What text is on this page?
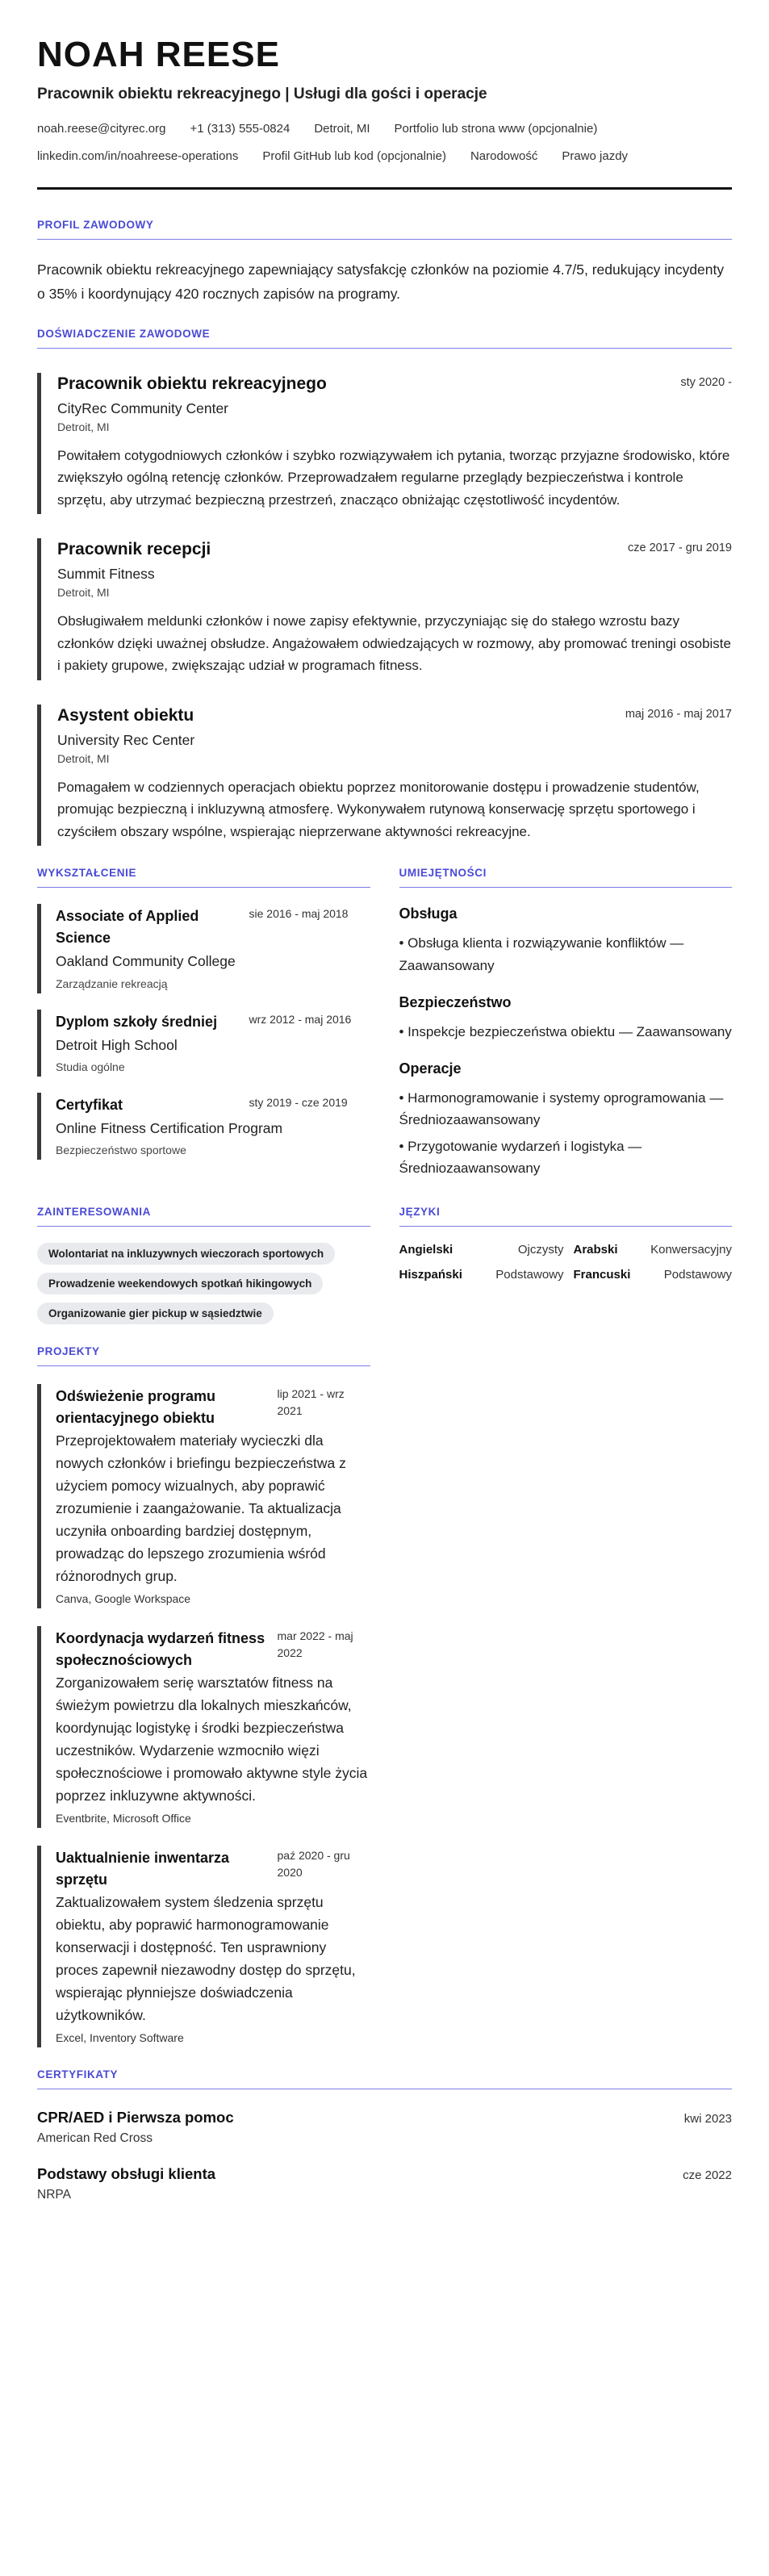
NOAH REESE
Pracownik obiektu rekreacyjnego | Usługi dla gości i operacje
noah.reese@cityrec.org +1 (313) 555-0824 Detroit, MI Portfolio lub strona www (opcjonalnie)
linkedin.com/in/noahreese-operations Profil GitHub lub kod (opcjonalnie) Narodowość Prawo jazdy
PROFIL ZAWODOWY
Pracownik obiektu rekreacyjnego zapewniający satysfakcję członków na poziomie 4.7/5, redukujący incydenty o 35% i koordynujący 420 rocznych zapisów na programy.
DOŚWIADCZENIE ZAWODOWE
Pracownik obiektu rekreacyjnego	sty 2020 -
CityRec Community Center
Detroit, MI
Powitałem cotygodniowych członków i szybko rozwiązywałem ich pytania, tworząc przyjazne środowisko, które zwiększyło ogólną retencję członków. Przeprowadzałem regularne przeglądy bezpieczeństwa i kontrole sprzętu, aby utrzymać bezpieczną przestrzeń, znacząco obniżając częstotliwość incydentów.
Pracownik recepcji	cze 2017 - gru 2019
Summit Fitness
Detroit, MI
Obsługiwałem meldunki członków i nowe zapisy efektywnie, przyczyniając się do stałego wzrostu bazy członków dzięki uważnej obsłudze. Angażowałem odwiedzających w rozmowy, aby promować treningi osobiste i pakiety grupowe, zwiększając udział w programach fitness.
Asystent obiektu	maj 2016 - maj 2017
University Rec Center
Detroit, MI
Pomagałem w codziennych operacjach obiektu poprzez monitorowanie dostępu i prowadzenie studentów, promując bezpieczną i inkluzywną atmosferę. Wykonywałem rutynową konserwację sprzętu sportowego i czyściłem obszary wspólne, wspierając nieprzerwane aktywności rekreacyjne.
WYKSZTAŁCENIE
Associate of Applied Science
sie 2016 - maj 2018
Oakland Community College
Zarządzanie rekreacją
Dyplom szkoły średniej	wrz 2012 - maj 2016
Detroit High School
Studia ogólne
Certyfikat	sty 2019 - cze 2019
Online Fitness Certification Program
Bezpieczeństwo sportowe
UMIEJĘTNOŚCI
Obsługa
• Obsługa klienta i rozwiązywanie konfliktów — Zaawansowany
Bezpieczeństwo
• Inspekcje bezpieczeństwa obiektu — Zaawansowany
Operacje
• Harmonogramowanie i systemy oprogramowania — Średniozaawansowany
• Przygotowanie wydarzeń i logistyka — Średniozaawansowany
ZAINTERESOWANIA
Wolontariat na inkluzywnych wieczorach sportowych
Prowadzenie weekendowych spotkań hikingowych
Organizowanie gier pickup w sąsiedztwie
JĘZYKI
Angielski	Ojczysty Arabski	Konwersacyjny
Hiszpański	Podstawowy Francuski	Podstawowy
PROJEKTY
Odświeżenie programu orientacyjnego obiektu
lip 2021 - wrz 2021
Przeprojektowałem materiały wycieczki dla nowych członków i briefingu bezpieczeństwa z użyciem pomocy wizualnych, aby poprawić zrozumienie i zaangażowanie. Ta aktualizacja uczyniła onboarding bardziej dostępnym, prowadząc do lepszego zrozumienia wśród różnorodnych grup.
Canva, Google Workspace
Koordynacja wydarzeń fitness społecznościowych
mar 2022 - maj 2022
Zorganizowałem serię warsztatów fitness na świeżym powietrzu dla lokalnych mieszkańców, koordynując logistykę i środki bezpieczeństwa uczestników. Wydarzenie wzmocniło więzi społecznościowe i promowało aktywne style życia poprzez inkluzywne aktywności.
Eventbrite, Microsoft Office
Uaktualnienie inwentarza sprzętu
paź 2020 - gru 2020
Zaktualizowałem system śledzenia sprzętu obiektu, aby poprawić harmonogramowanie konserwacji i dostępność. Ten usprawniony proces zapewnił niezawodny dostęp do sprzętu, wspierając płynniejsze doświadczenia użytkowników.
Excel, Inventory Software
CERTYFIKATY
CPR/AED i Pierwsza pomoc	kwi 2023
American Red Cross
Podstawy obsługi klienta	cze 2022
NRPA
